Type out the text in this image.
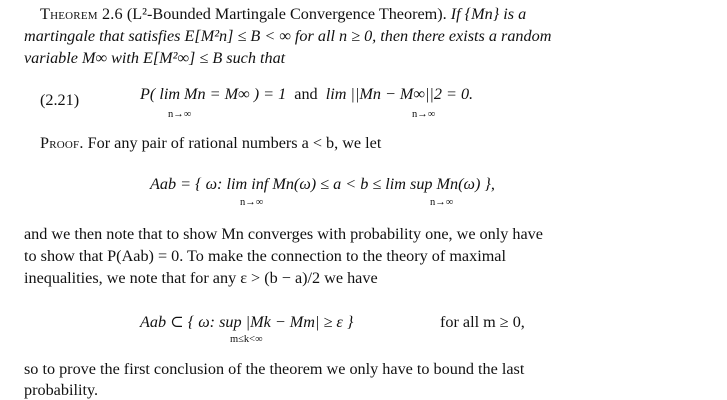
Theorem 2.6 (L²-Bounded Martingale Convergence Theorem). If {Mn} is a
martingale that satisfies E[M²n] ≤ B < ∞ for all n ≥ 0, then there exists a random
variable M∞ with E[M²∞] ≤ B such that
(2.21)	P( lim Mn = M∞ ) = 1 and lim ||Mn − M∞||2 = 0.
n→∞	n→∞
Proof. For any pair of rational numbers a < b, we let
Aab = { ω: lim inf Mn(ω) ≤ a < b ≤ lim sup Mn(ω) },
n→∞	n→∞
and we then note that to show Mn converges with probability one, we only have
to show that P(Aab) = 0. To make the connection to the theory of maximal
inequalities, we note that for any ε > (b − a)/2 we have
Aab ⊂ { ω: sup |Mk − Mm| ≥ ε }
m≤k<∞
for all m ≥ 0,
so to prove the first conclusion of the theorem we only have to bound the last
probability.
